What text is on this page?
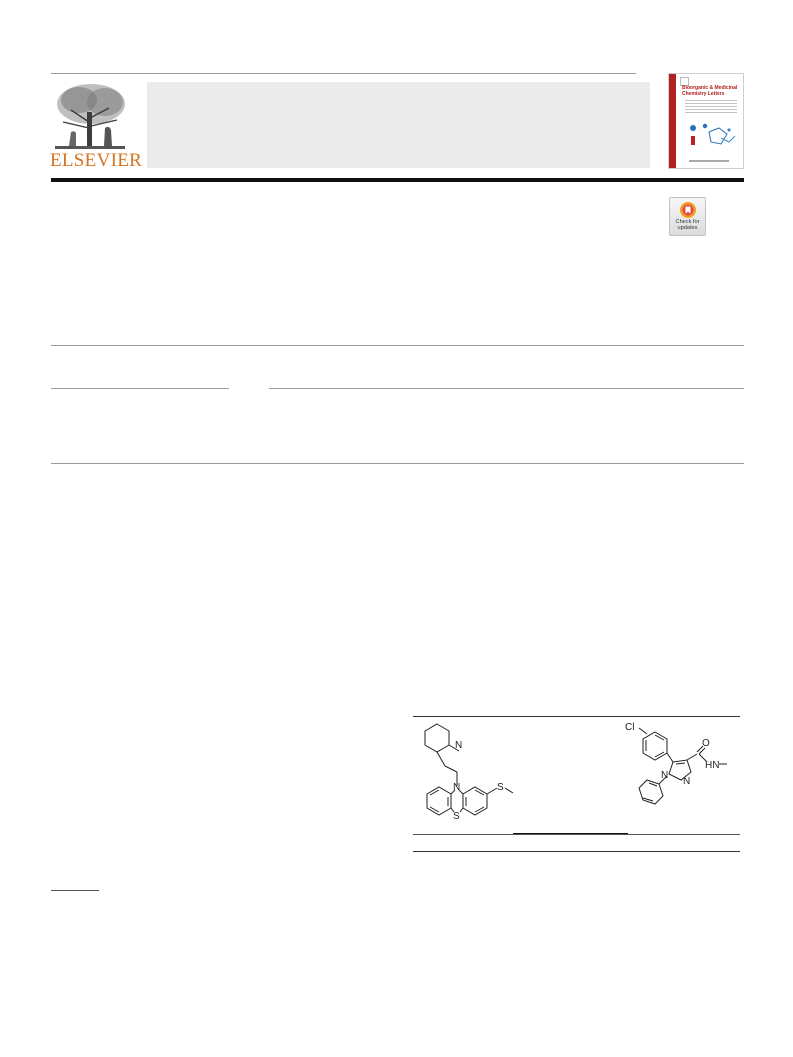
ELSEVIER
Bioorganic & Medicinal Chemistry Letters
Check for
updates
N
N	S
S
Cl
N
N
O
HN
